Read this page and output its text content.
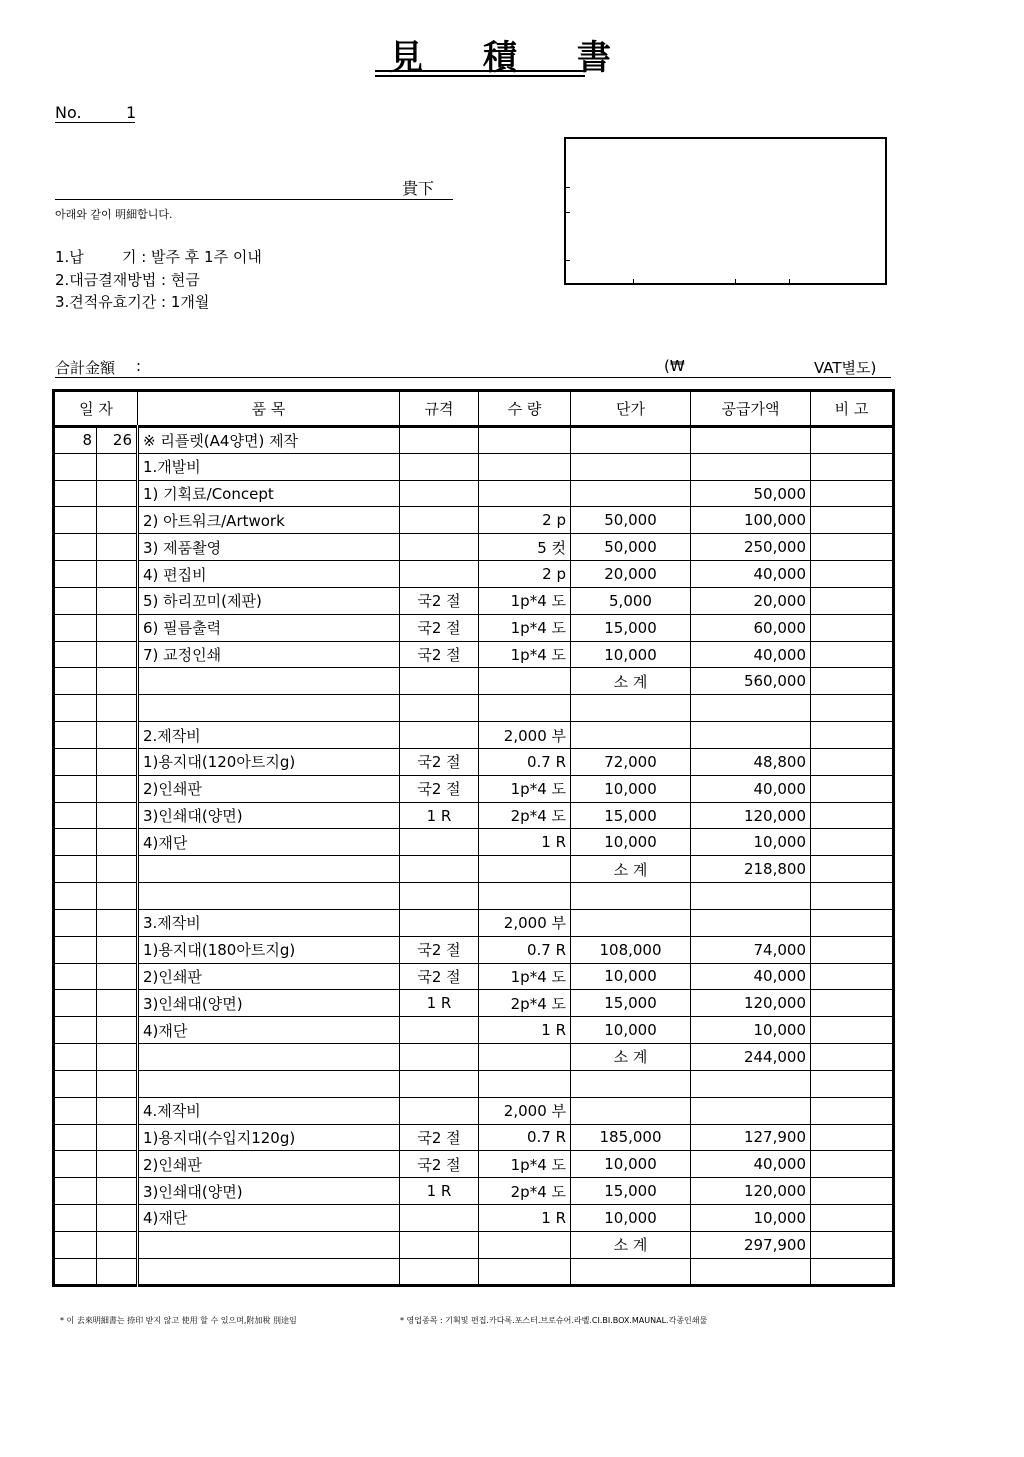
見 積 書
No.	1
貴下
아래와 같이 明細합니다.
1.납        기 : 발주 후 1주 이내
2.대금결재방법 : 현금
3.견적유효기간 : 1개월
合計金額 :	(₩	VAT별도)
일 자		품 목	규격	수 량	단가	공급가액	비 고
8	26	※ 리플렛(A4양면) 제작					
		1.개발비					
		1) 기획료/Concept				50,000	
		2) 아트워크/Artwork		2 p	50,000	100,000	
		3) 제품촬영		5 컷	50,000	250,000	
		4) 편집비		2 p	20,000	40,000	
		5) 하리꼬미(제판)	국2 절	1p*4 도	5,000	20,000	
		6) 필름출력	국2 절	1p*4 도	15,000	60,000	
		7) 교정인쇄	국2 절	1p*4 도	10,000	40,000	
					소 계	560,000	

		2.제작비		2,000 부			
		1)용지대(120아트지g)	국2 절	0.7 R	72,000	48,800	
		2)인쇄판	국2 절	1p*4 도	10,000	40,000	
		3)인쇄대(양면)	1 R	2p*4 도	15,000	120,000	
		4)재단		1 R	10,000	10,000	
					소 계	218,800	

		3.제작비		2,000 부			
		1)용지대(180아트지g)	국2 절	0.7 R	108,000	74,000	
		2)인쇄판	국2 절	1p*4 도	10,000	40,000	
		3)인쇄대(양면)	1 R	2p*4 도	15,000	120,000	
		4)재단		1 R	10,000	10,000	
					소 계	244,000	

		4.제작비		2,000 부			
		1)용지대(수입지120g)	국2 절	0.7 R	185,000	127,900	
		2)인쇄판	국2 절	1p*4 도	10,000	40,000	
		3)인쇄대(양면)	1 R	2p*4 도	15,000	120,000	
		4)재단		1 R	10,000	10,000	
					소 계	297,900	

* 이 去來明細書는 捺印 받지 않고 使用 할 수 있으며,附加稅 別途임	* 영업종목 : 기획및 편집.카다록.포스터.브로슈어.라벨.CI.BI.BOX.MAUNAL.각종인쇄물
